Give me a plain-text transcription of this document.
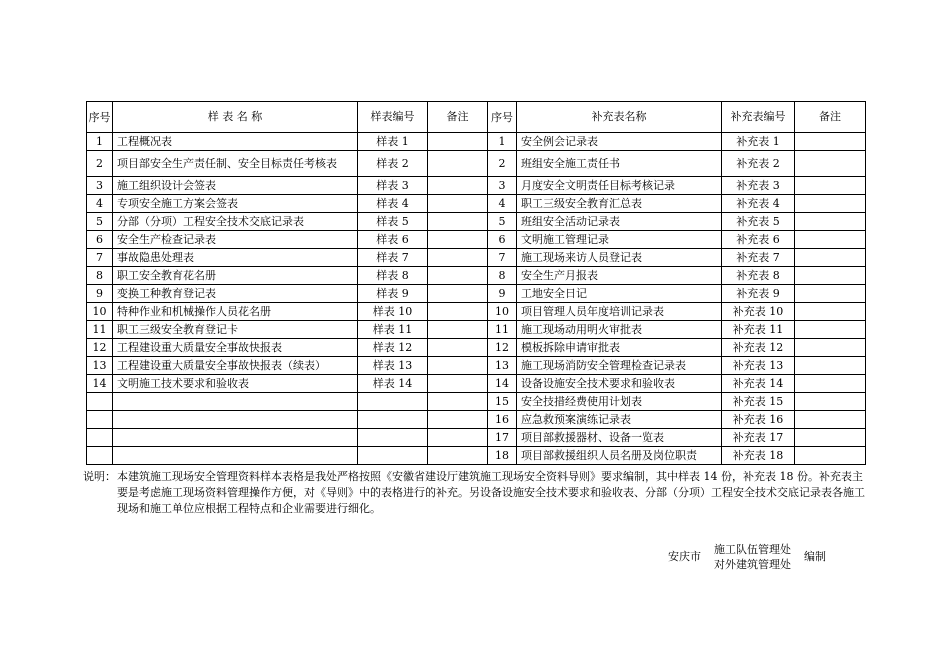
序号	样 表 名 称	样表编号	备注	序号	补充表名称	补充表编号	备注
1	工程概况表	样表 1		1	安全例会记录表	补充表 1	
2	项目部安全生产责任制、安全目标责任考核表	样表 2		2	班组安全施工责任书	补充表 2	
3	施工组织设计会签表	样表 3		3	月度安全文明责任目标考核记录	补充表 3	
4	专项安全施工方案会签表	样表 4		4	职工三级安全教育汇总表	补充表 4	
5	分部（分项）工程安全技术交底记录表	样表 5		5	班组安全活动记录表	补充表 5	
6	安全生产检查记录表	样表 6		6	文明施工管理记录	补充表 6	
7	事故隐患处理表	样表 7		7	施工现场来访人员登记表	补充表 7	
8	职工安全教育花名册	样表 8		8	安全生产月报表	补充表 8	
9	变换工种教育登记表	样表 9		9	工地安全日记	补充表 9	
10	特种作业和机械操作人员花名册	样表 10		10	项目管理人员年度培训记录表	补充表 10	
11	职工三级安全教育登记卡	样表 11		11	施工现场动用明火审批表	补充表 11	
12	工程建设重大质量安全事故快报表	样表 12		12	模板拆除申请审批表	补充表 12	
13	工程建设重大质量安全事故快报表（续表）	样表 13		13	施工现场消防安全管理检查记录表	补充表 13	
14	文明施工技术要求和验收表	样表 14		14	设备设施安全技术要求和验收表	补充表 14	
				15	安全技措经费使用计划表	补充表 15	
				16	应急救预案演练记录表	补充表 16	
				17	项目部救援器材、设备一览表	补充表 17	
				18	项目部救援组织人员名册及岗位职责	补充表 18	
说明： 本建筑施工现场安全管理资料样本表格是我处严格按照《安徽省建设厅建筑施工现场安全资料导则》要求编制，其中样表 14 份，补充表 18 份。补充表主要是考虑施工现场资料管理操作方便，对《导则》中的表格进行的补充。另设备设施安全技术要求和验收表、分部（分项）工程安全技术交底记录表各施工现场和施工单位应根据工程特点和企业需要进行细化。
安庆市
施工队伍管理处
对外建筑管理处
编制
